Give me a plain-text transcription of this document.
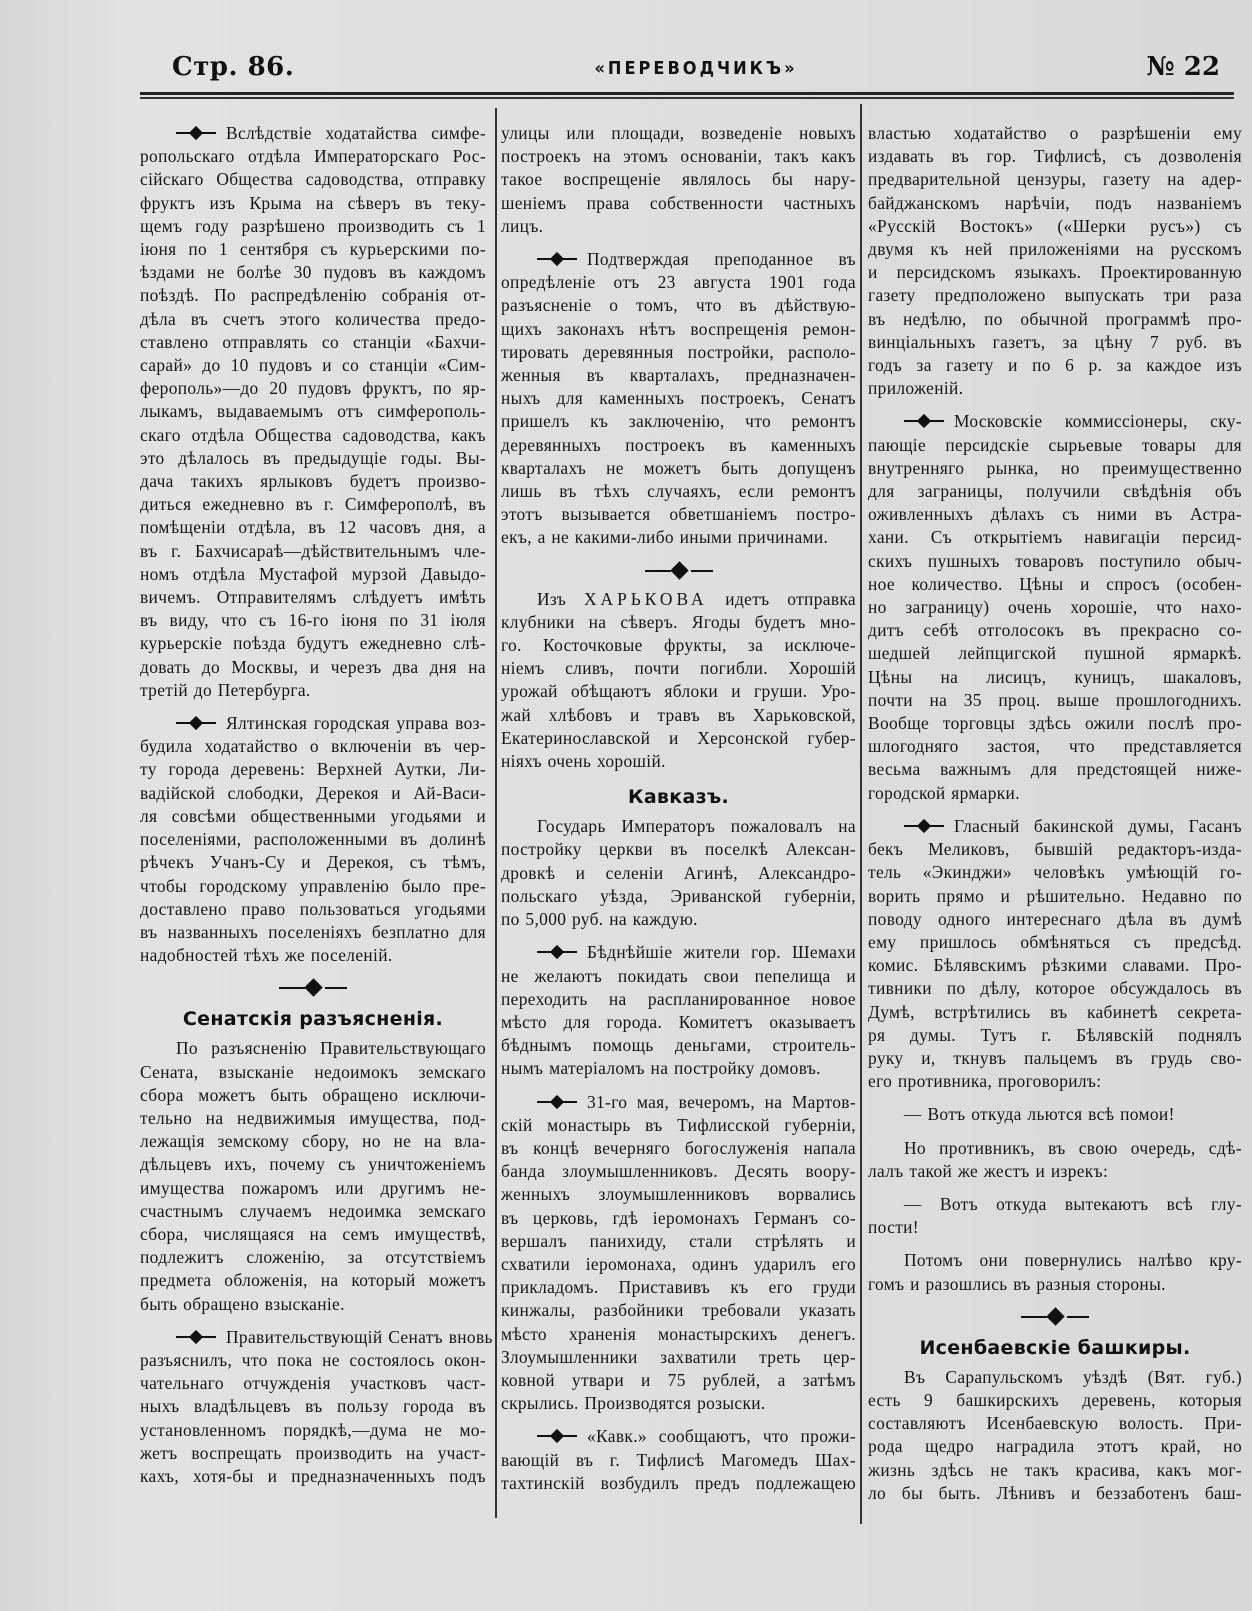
Стр. 86.	«ПЕРЕВОДЧИКЪ»	№ 22
Вслѣдствіе ходатайства симфе-
ропольскаго отдѣла Императорскаго Рос-
сійскаго Общества садоводства, отправку
фруктъ изъ Крыма на сѣверъ въ теку-
щемъ году разрѣшено производить съ 1
іюня по 1 сентября съ курьерскими по-
ѣздами не болѣе 30 пудовъ въ каждомъ
поѣздѣ. По распредѣленію собранія от-
дѣла въ счетъ этого количества предо-
ставлено отправлять со станціи «Бахчи-
сарай» до 10 пудовъ и со станціи «Сим-
ферополь»—до 20 пудовъ фруктъ, по яр-
лыкамъ, выдаваемымъ отъ симферополь-
скаго отдѣла Общества садоводства, какъ
это дѣлалось въ предыдущіе годы. Вы-
дача такихъ ярлыковъ будетъ произво-
диться ежедневно въ г. Симферополѣ, въ
помѣщеніи отдѣла, въ 12 часовъ дня, а
въ г. Бахчисараѣ—дѣйствительнымъ чле-
номъ отдѣла Мустафой мурзой Давыдо-
вичемъ. Отправителямъ слѣдуетъ имѣть
въ виду, что съ 16-го іюня по 31 іюля
курьерскіе поѣзда будутъ ежедневно слѣ-
довать до Москвы, и черезъ два дня на
третій до Петербурга.
Ялтинская городская управа воз-
будила ходатайство о включеніи въ чер-
ту города деревень: Верхней Аутки, Ли-
вадійской слободки, Дерекоя и Ай-Васи-
ля совсѣми общественными угодьями и
поселеніями, расположенными въ долинѣ
рѣчекъ Учанъ-Су и Дерекоя, съ тѣмъ,
чтобы городскому управленію было пре-
доставлено право пользоваться угодьями
въ названныхъ поселеніяхъ безплатно для
надобностей тѣхъ же поселеній.
Сенатскія разъясненія.
По разъясненію Правительствующаго
Сената, взысканіе недоимокъ земскаго
сбора можетъ быть обращено исключи-
тельно на недвижимыя имущества, под-
лежащія земскому сбору, но не на вла-
дѣльцевъ ихъ, почему съ уничтоженіемъ
имущества пожаромъ или другимъ не-
счастнымъ случаемъ недоимка земскаго
сбора, числящаяся на семъ имуществѣ,
подлежитъ сложенію, за отсутствіемъ
предмета обложенія, на который можетъ
быть обращено взысканіе.
Правительствующій Сенатъ вновь
разъяснилъ, что пока не состоялось окон-
чательнаго отчужденія участковъ част-
ныхъ владѣльцевъ въ пользу города въ
установленномъ порядкѣ,—дума не мо-
жетъ воспрещать производить на участ-
кахъ, хотя-бы и предназначенныхъ подъ
улицы или площади, возведеніе новыхъ
построекъ на этомъ основаніи, такъ какъ
такое воспрещеніе являлось бы нару-
шеніемъ права собственности частныхъ
лицъ.
Подтверждая преподанное въ
опредѣленіе отъ 23 августа 1901 года
разъясненіе о томъ, что въ дѣйствую-
щихъ законахъ нѣтъ воспрещенія ремон-
тировать деревянныя постройки, располо-
женныя въ кварталахъ, предназначен-
ныхъ для каменныхъ построекъ, Сенатъ
пришелъ къ заключенію, что ремонтъ
деревянныхъ построекъ въ каменныхъ
кварталахъ не можетъ быть допущенъ
лишь въ тѣхъ случаяхъ, если ремонтъ
этотъ вызывается обветшаніемъ постро-
екъ, а не какими-либо иными причинами.
Изъ ХАРЬКОВА идетъ отправка
клубники на сѣверъ. Ягоды будетъ мно-
го. Косточковые фрукты, за исключе-
ніемъ сливъ, почти погибли. Хорошій
урожай обѣщаютъ яблоки и груши. Уро-
жай хлѣбовъ и травъ въ Харьковской,
Екатеринославской и Херсонской губер-
ніяхъ очень хорошій.
Кавказъ.
Государь Императоръ пожаловалъ на
постройку церкви въ поселкѣ Алексан-
дровкѣ и селеніи Агинѣ, Александро-
польскаго уѣзда, Эриванской губерніи,
по 5,000 руб. на каждую.
Бѣднѣйшіе жители гор. Шемахи
не желаютъ покидать свои пепелища и
переходить на распланированное новое
мѣсто для города. Комитетъ оказываетъ
бѣднымъ помощь деньгами, строитель-
нымъ матеріаломъ на постройку домовъ.
31-го мая, вечеромъ, на Мартов-
скій монастырь въ Тифлисской губерніи,
въ концѣ вечерняго богослуженія напала
банда злоумышленниковъ. Десять воору-
женныхъ злоумышленниковъ ворвались
въ церковь, гдѣ іеромонахъ Германъ со-
вершалъ панихиду, стали стрѣлять и
схватили іеромонаха, одинъ ударилъ его
прикладомъ. Приставивъ къ его груди
кинжалы, разбойники требовали указать
мѣсто храненія монастырскихъ денегъ.
Злоумышленники захватили треть цер-
ковной утвари и 75 рублей, а затѣмъ
скрылись. Производятся розыски.
«Кавк.» сообщаютъ, что прожи-
вающій въ г. Тифлисѣ Магомедъ Шах-
тахтинскій возбудилъ предъ подлежащею
властью ходатайство о разрѣшеніи ему
издавать въ гор. Тифлисѣ, съ дозволенія
предварительной цензуры, газету на адер-
байджанскомъ нарѣчіи, подъ названіемъ
«Русскій Востокъ» («Шерки русъ») съ
двумя къ ней приложеніями на русскомъ
и персидскомъ языкахъ. Проектированную
газету предположено выпускать три раза
въ недѣлю, по обычной программѣ про-
винціальныхъ газетъ, за цѣну 7 руб. въ
годъ за газету и по 6 р. за каждое изъ
приложеній.
Московскіе коммиссіонеры, ску-
пающіе персидскіе сырьевые товары для
внутренняго рынка, но преимущественно
для заграницы, получили свѣдѣнія объ
оживленныхъ дѣлахъ съ ними въ Астра-
хани. Съ открытіемъ навигаціи персид-
скихъ пушныхъ товаровъ поступило обыч-
ное количество. Цѣны и спросъ (особен-
но заграницу) очень хорошіе, что нахо-
дитъ себѣ отголосокъ въ прекрасно со-
шедшей лейпцигской пушной ярмаркѣ.
Цѣны на лисицъ, куницъ, шакаловъ,
почти на 35 проц. выше прошлогоднихъ.
Вообще торговцы здѣсь ожили послѣ про-
шлогодняго застоя, что представляется
весьма важнымъ для предстоящей ниже-
городской ярмарки.
Гласный бакинской думы, Гасанъ
бекъ Меликовъ, бывшій редакторъ-изда-
тель «Экинджи» человѣкъ умѣющій го-
ворить прямо и рѣшительно. Недавно по
поводу одного интереснаго дѣла въ думѣ
ему пришлось обмѣняться съ предсѣд.
комис. Бѣлявскимъ рѣзкими славами. Про-
тивники по дѣлу, которое обсуждалось въ
Думѣ, встрѣтились въ кабинетѣ секрета-
ря думы. Тутъ г. Бѣлявскій поднялъ
руку и, ткнувъ пальцемъ въ грудь сво-
его противника, проговорилъ:
— Вотъ откуда льются всѣ помои!
Но противникъ, въ свою очередь, сдѣ-
лалъ такой же жестъ и изрекъ:
— Вотъ откуда вытекаютъ всѣ глу-
пости!
Потомъ они повернулись налѣво кру-
гомъ и разошлись въ разныя стороны.
Исенбаевскіе башкиры.
Въ Сарапульскомъ уѣздѣ (Вят. губ.)
есть 9 башкирскихъ деревень, которыя
составляютъ Исенбаевскую волость. При-
рода щедро наградила этотъ край, но
жизнь здѣсь не такъ красива, какъ мог-
ло бы быть. Лѣнивъ и беззаботенъ баш-
